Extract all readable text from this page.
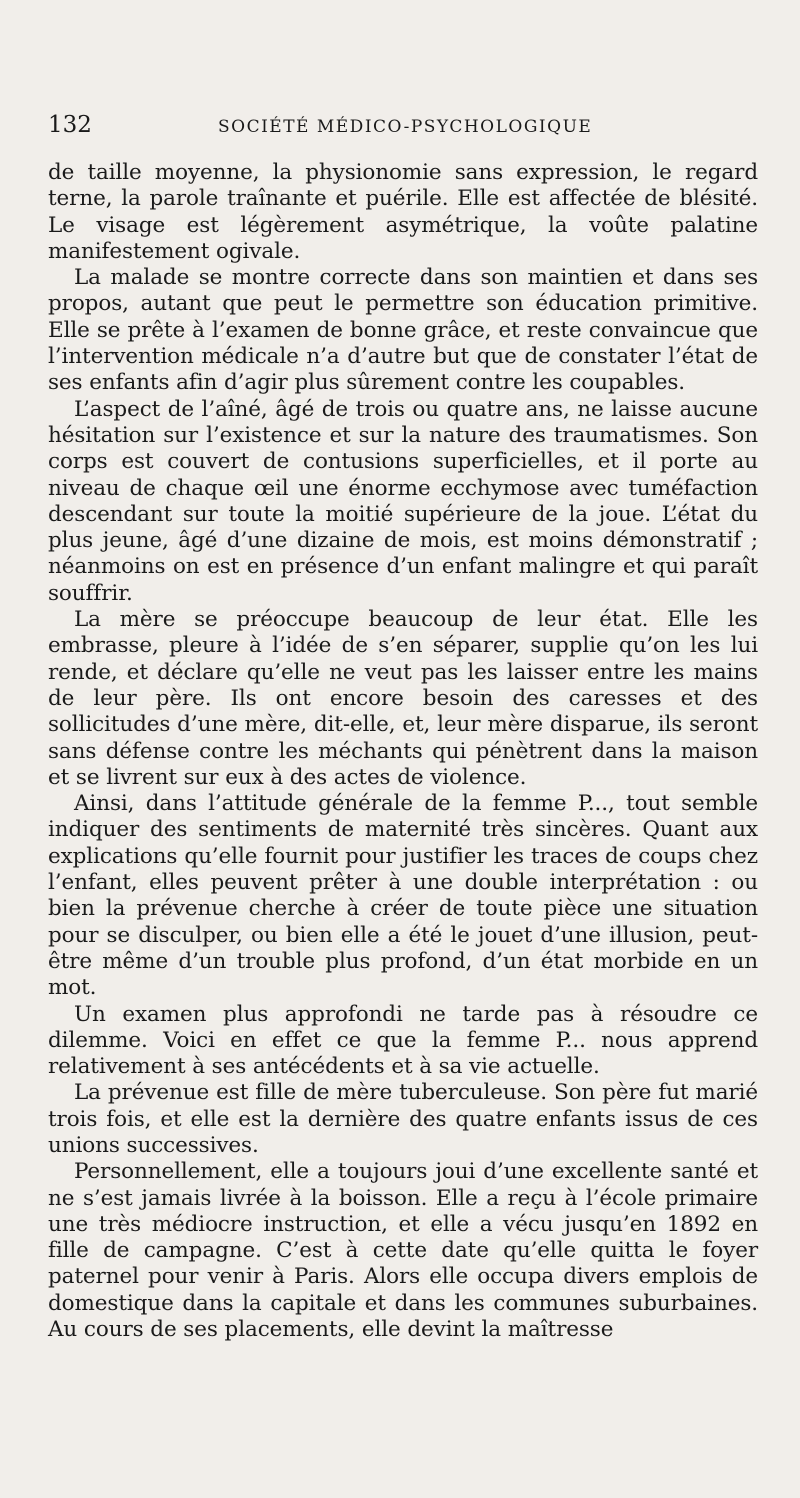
132	SOCIÉTÉ MÉDICO-PSYCHOLOGIQUE

de taille moyenne, la physionomie sans expression, le regard terne, la parole traînante et puérile. Elle est affectée de blésité. Le visage est légèrement asymétrique, la voûte palatine manifestement ogivale.

La malade se montre correcte dans son maintien et dans ses propos, autant que peut le permettre son éducation primitive. Elle se prête à l’examen de bonne grâce, et reste convaincue que l’intervention médicale n’a d’autre but que de constater l’état de ses enfants afin d’agir plus sûrement contre les coupables.

L’aspect de l’aîné, âgé de trois ou quatre ans, ne laisse aucune hésitation sur l’existence et sur la nature des traumatismes. Son corps est couvert de contusions superficielles, et il porte au niveau de chaque œil une énorme ecchymose avec tuméfaction descendant sur toute la moitié supérieure de la joue. L’état du plus jeune, âgé d’une dizaine de mois, est moins démonstratif ; néanmoins on est en présence d’un enfant malingre et qui paraît souffrir.

La mère se préoccupe beaucoup de leur état. Elle les embrasse, pleure à l’idée de s’en séparer, supplie qu’on les lui rende, et déclare qu’elle ne veut pas les laisser entre les mains de leur père. Ils ont encore besoin des caresses et des sollicitudes d’une mère, dit-elle, et, leur mère disparue, ils seront sans défense contre les méchants qui pénètrent dans la maison et se livrent sur eux à des actes de violence.

Ainsi, dans l’attitude générale de la femme P..., tout semble indiquer des sentiments de maternité très sincères. Quant aux explications qu’elle fournit pour justifier les traces de coups chez l’enfant, elles peuvent prêter à une double interprétation : ou bien la prévenue cherche à créer de toute pièce une situation pour se disculper, ou bien elle a été le jouet d’une illusion, peut-être même d’un trouble plus profond, d’un état morbide en un mot.

Un examen plus approfondi ne tarde pas à résoudre ce dilemme. Voici en effet ce que la femme P... nous apprend relativement à ses antécédents et à sa vie actuelle.

La prévenue est fille de mère tuberculeuse. Son père fut marié trois fois, et elle est la dernière des quatre enfants issus de ces unions successives.

Personnellement, elle a toujours joui d’une excellente santé et ne s’est jamais livrée à la boisson. Elle a reçu à l’école primaire une très médiocre instruction, et elle a vécu jusqu’en 1892 en fille de campagne. C’est à cette date qu’elle quitta le foyer paternel pour venir à Paris. Alors elle occupa divers emplois de domestique dans la capitale et dans les communes suburbaines. Au cours de ses placements, elle devint la maîtresse
